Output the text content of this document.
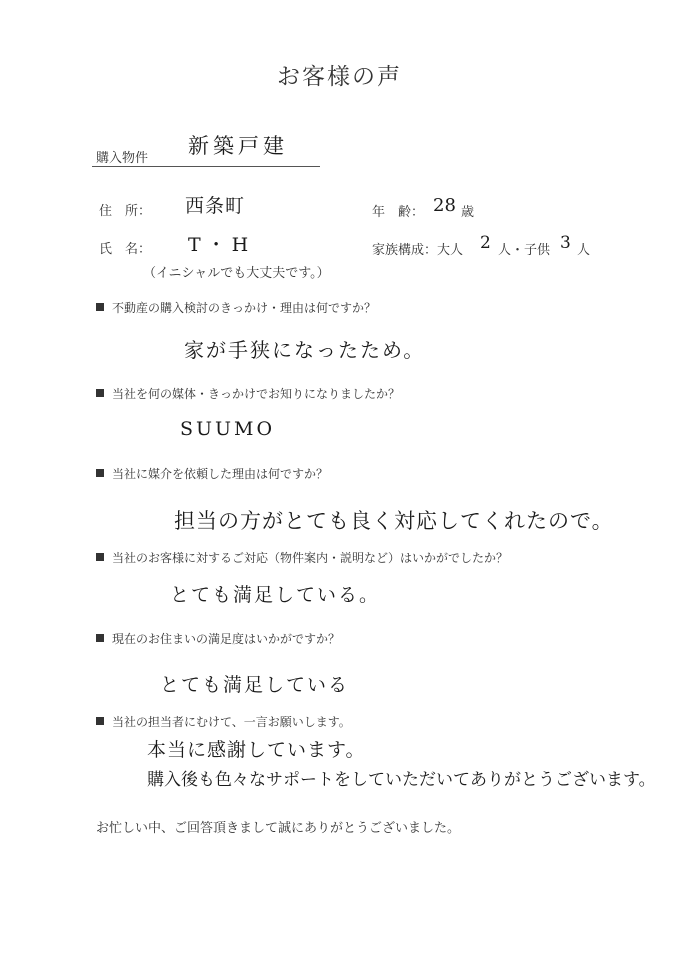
お客様の声
購入物件
新築戸建
住　所： 西条町	年　齢： 28 歳
氏　名： T・H
（イニシャルでも大丈夫です。）
家族構成：大人 2 人・子供 3 人
不動産の購入検討のきっかけ・理由は何ですか？
家が手狭になったため。
当社を何の媒体・きっかけでお知りになりましたか？
SUUMO
当社に媒介を依頼した理由は何ですか？
担当の方がとても良く対応してくれたので。
当社のお客様に対するご対応（物件案内・説明など）はいかがでしたか？
とても満足している。
現在のお住まいの満足度はいかがですか？
とても満足している
当社の担当者にむけて、一言お願いします。
本当に感謝しています。
購入後も色々なサポートをしていただいてありがとうございます。
お忙しい中、ご回答頂きまして誠にありがとうございました。
